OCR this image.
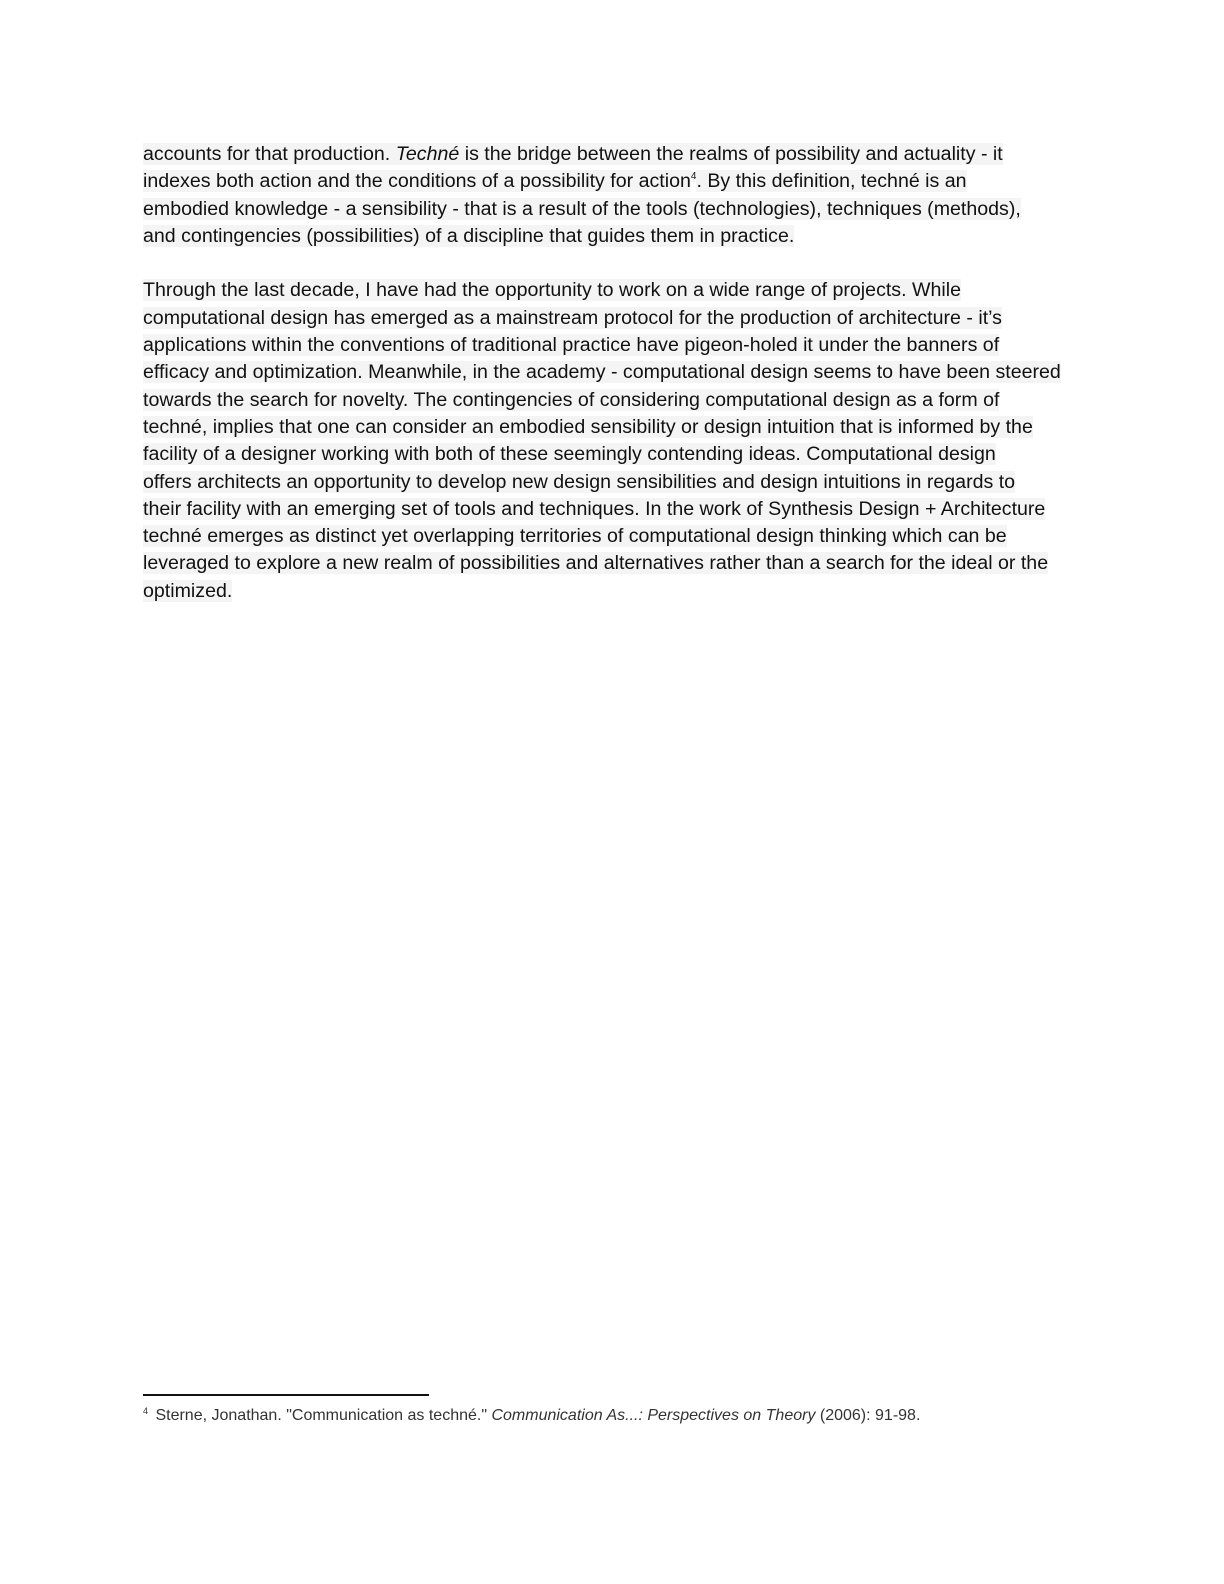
accounts for that production. Techné is the bridge between the realms of possibility and actuality - it
indexes both action and the conditions of a possibility for action$^4$. By this definition, techné is an
embodied knowledge - a sensibility - that is a result of the tools (technologies), techniques (methods),
and contingencies (possibilities) of a discipline that guides them in practice.

Through the last decade, I have had the opportunity to work on a wide range of projects. While
computational design has emerged as a mainstream protocol for the production of architecture - it’s
applications within the conventions of traditional practice have pigeon-holed it under the banners of
efficacy and optimization. Meanwhile, in the academy - computational design seems to have been steered
towards the search for novelty. The contingencies of considering computational design as a form of
techné, implies that one can consider an embodied sensibility or design intuition that is informed by the
facility of a designer working with both of these seemingly contending ideas. Computational design
offers architects an opportunity to develop new design sensibilities and design intuitions in regards to
their facility with an emerging set of tools and techniques. In the work of Synthesis Design + Architecture
techné emerges as distinct yet overlapping territories of computational design thinking which can be
leveraged to explore a new realm of possibilities and alternatives rather than a search for the ideal or the
optimized.

$^4$ Sterne, Jonathan. "Communication as techné." Communication As...: Perspectives on Theory (2006): 91-98.
